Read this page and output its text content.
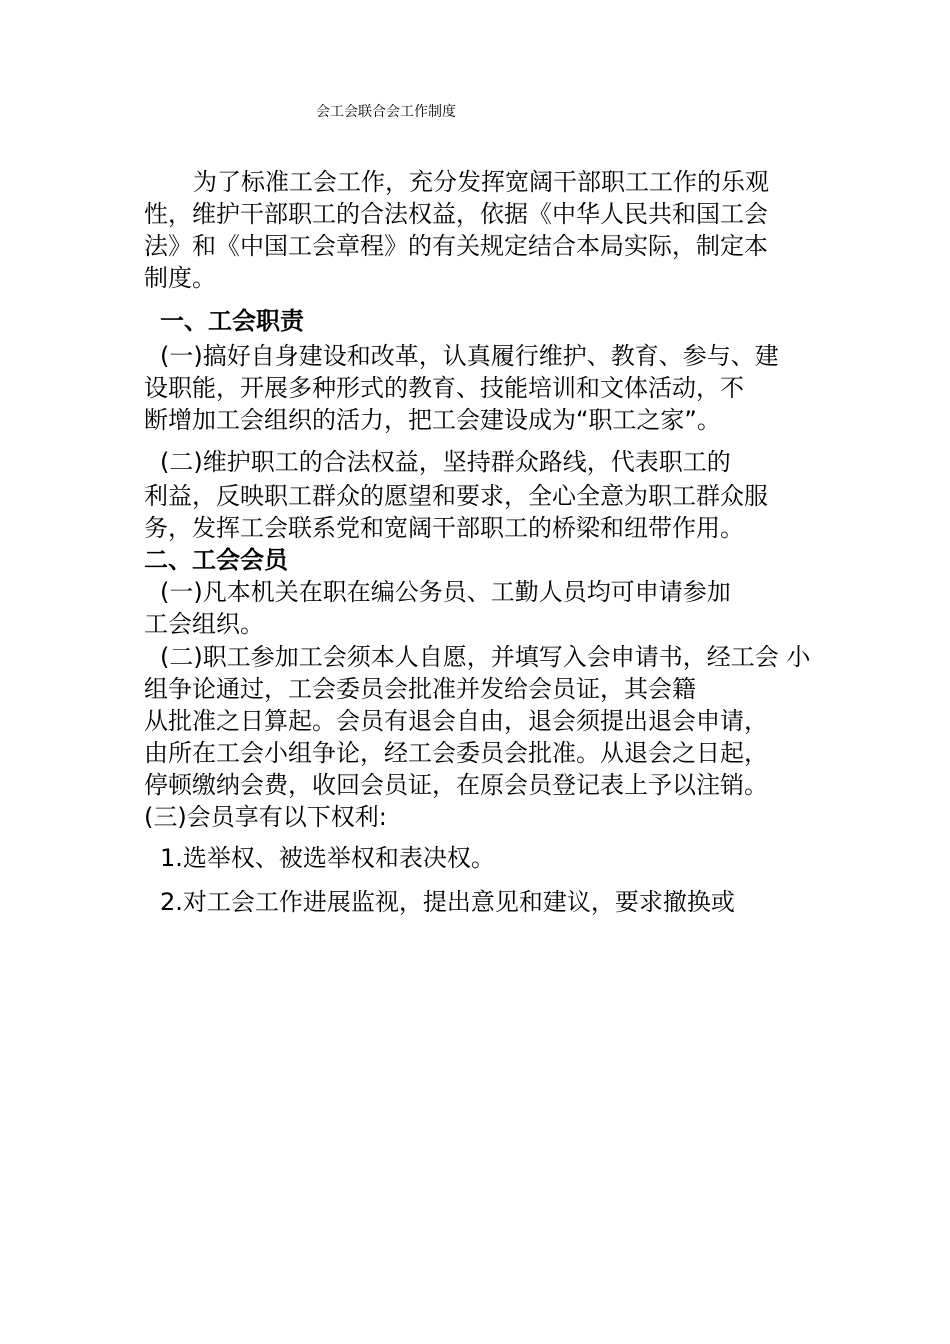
会工会联合会工作制度
为了标准工会工作，充分发挥宽阔干部职工工作的乐观
性，维护干部职工的合法权益，依据《中华人民共和国工会
法》和《中国工会章程》的有关规定结合本局实际，制定本
制度。
一、工会职责
(一)搞好自身建设和改革，认真履行维护、教育、参与、建
设职能，开展多种形式的教育、技能培训和文体活动，不
断增加工会组织的活力，把工会建设成为“职工之家”。
(二)维护职工的合法权益，坚持群众路线，代表职工的
利益，反映职工群众的愿望和要求，全心全意为职工群众服
务，发挥工会联系党和宽阔干部职工的桥梁和纽带作用。
二、工会会员
(一)凡本机关在职在编公务员、工勤人员均可申请参加
工会组织。
(二)职工参加工会须本人自愿，并填写入会申请书，经工会 小
组争论通过，工会委员会批准并发给会员证，其会籍
从批准之日算起。会员有退会自由，退会须提出退会申请，
由所在工会小组争论，经工会委员会批准。从退会之日起，
停顿缴纳会费，收回会员证，在原会员登记表上予以注销。
(三)会员享有以下权利:
1.选举权、被选举权和表决权。
2.对工会工作进展监视，提出意见和建议，要求撤换或
